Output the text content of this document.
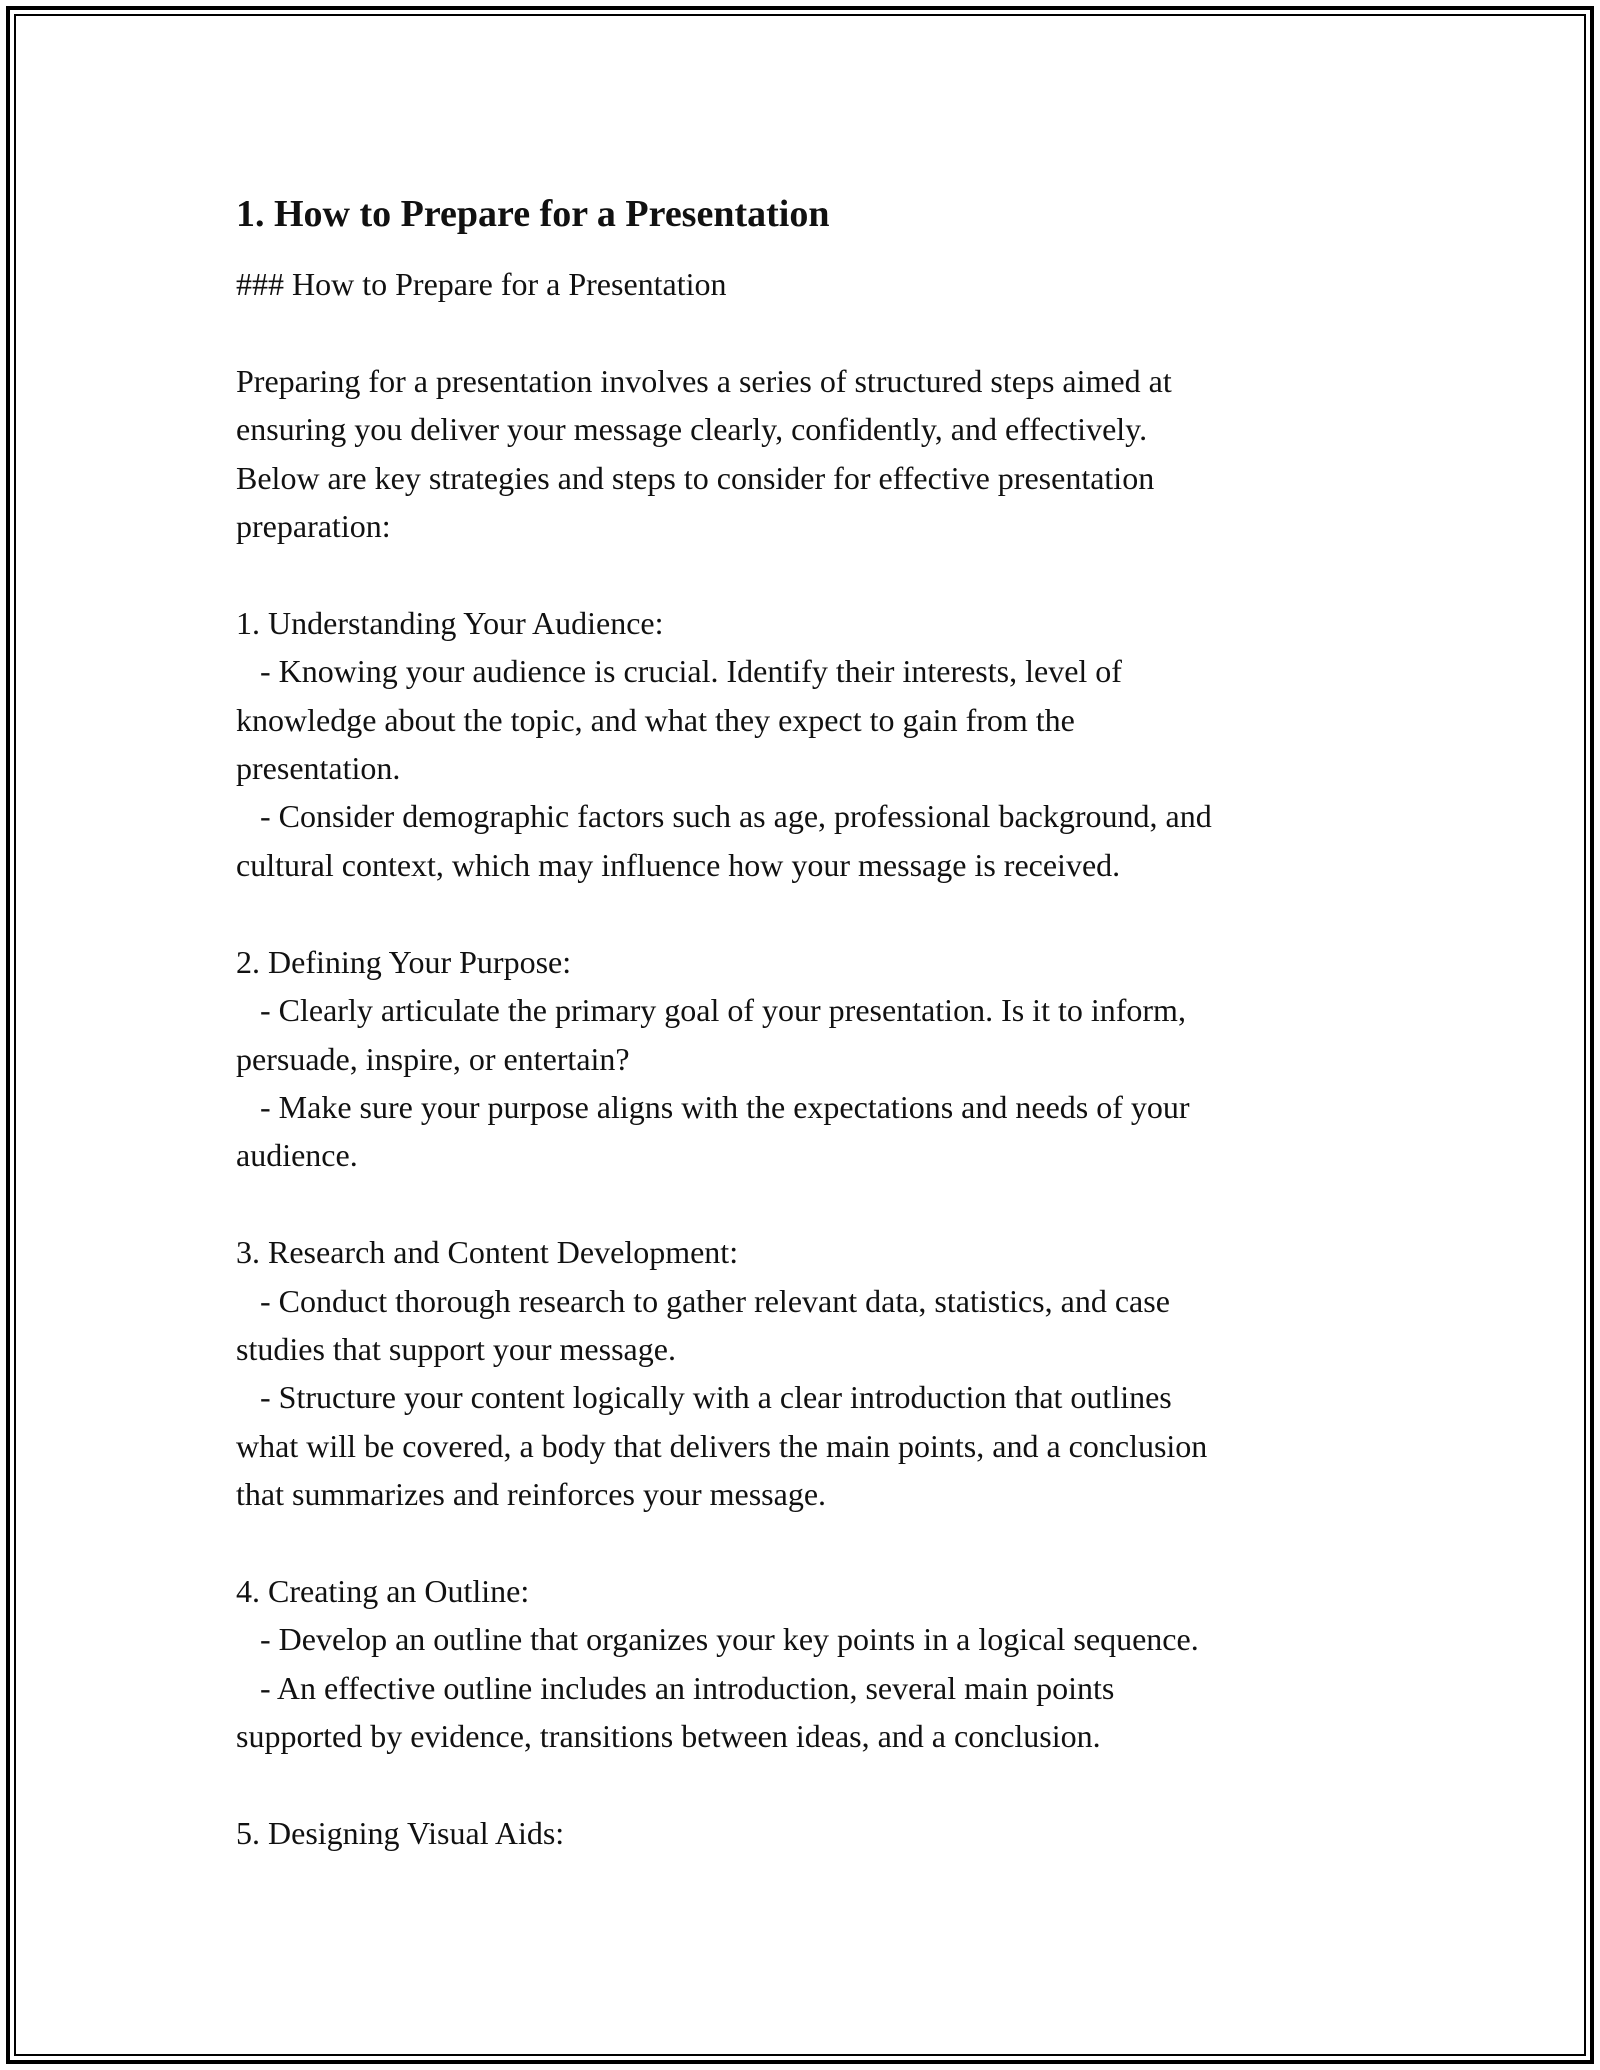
1. How to Prepare for a Presentation
### How to Prepare for a Presentation

Preparing for a presentation involves a series of structured steps aimed at
ensuring you deliver your message clearly, confidently, and effectively.
Below are key strategies and steps to consider for effective presentation
preparation:

1. Understanding Your Audience:
- Knowing your audience is crucial. Identify their interests, level of
knowledge about the topic, and what they expect to gain from the
presentation.
- Consider demographic factors such as age, professional background, and
cultural context, which may influence how your message is received.

2. Defining Your Purpose:
- Clearly articulate the primary goal of your presentation. Is it to inform,
persuade, inspire, or entertain?
- Make sure your purpose aligns with the expectations and needs of your
audience.

3. Research and Content Development:
- Conduct thorough research to gather relevant data, statistics, and case
studies that support your message.
- Structure your content logically with a clear introduction that outlines
what will be covered, a body that delivers the main points, and a conclusion
that summarizes and reinforces your message.

4. Creating an Outline:
- Develop an outline that organizes your key points in a logical sequence.
- An effective outline includes an introduction, several main points
supported by evidence, transitions between ideas, and a conclusion.

5. Designing Visual Aids:
